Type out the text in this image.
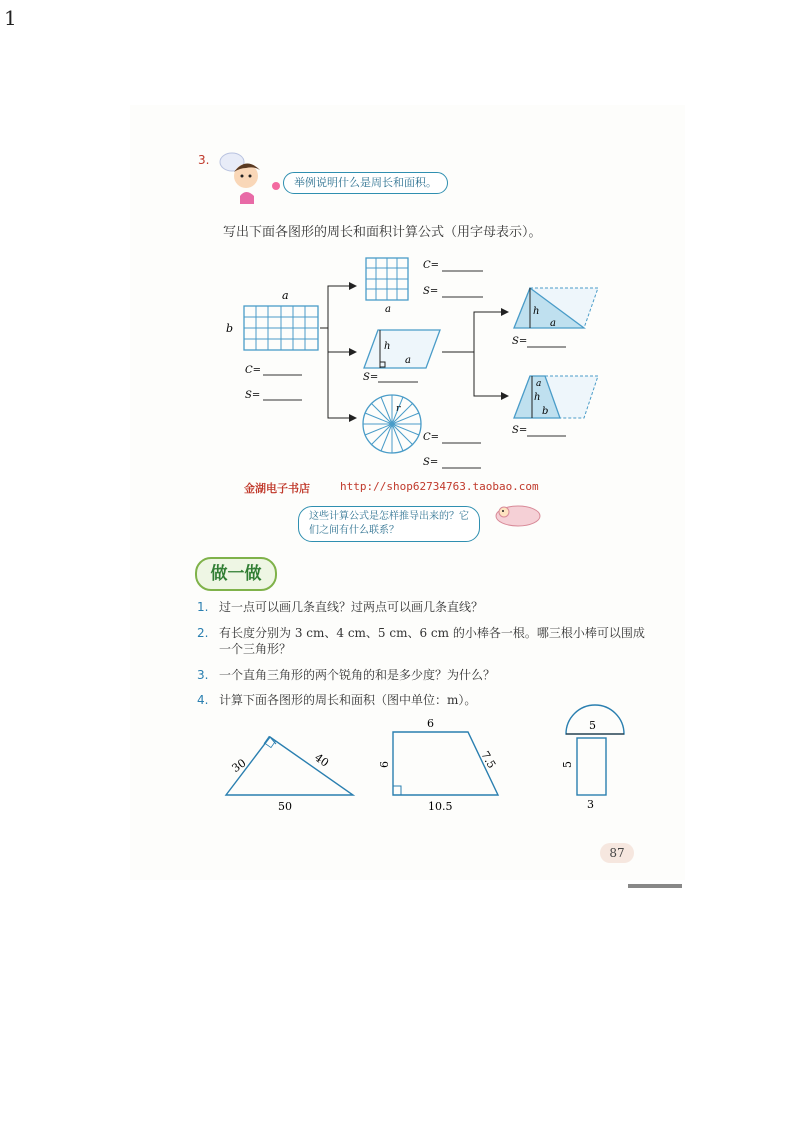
1
3.
举例说明什么是周长和面积。
写出下面各图形的周长和面积计算公式（用字母表示）。
a
b
C=
S=
a
C=
S=
h
a
S=
r
C=
S=
h
a
S=
a
h
b
S=
金湖电子书店	http://shop62734763.taobao.com
这些计算公式是怎样推导出来的？它们之间有什么联系？
做一做
1. 过一点可以画几条直线？过两点可以画几条直线？
2. 有长度分别为 3 cm、4 cm、5 cm、6 cm 的小棒各一根。哪三根小棒可以围成一个三角形？
3. 一个直角三角形的两个锐角的和是多少度？为什么？
4. 计算下面各图形的周长和面积（图中单位：m）。
30	40
50
6
6	7.5
10.5
5
5
3
87
